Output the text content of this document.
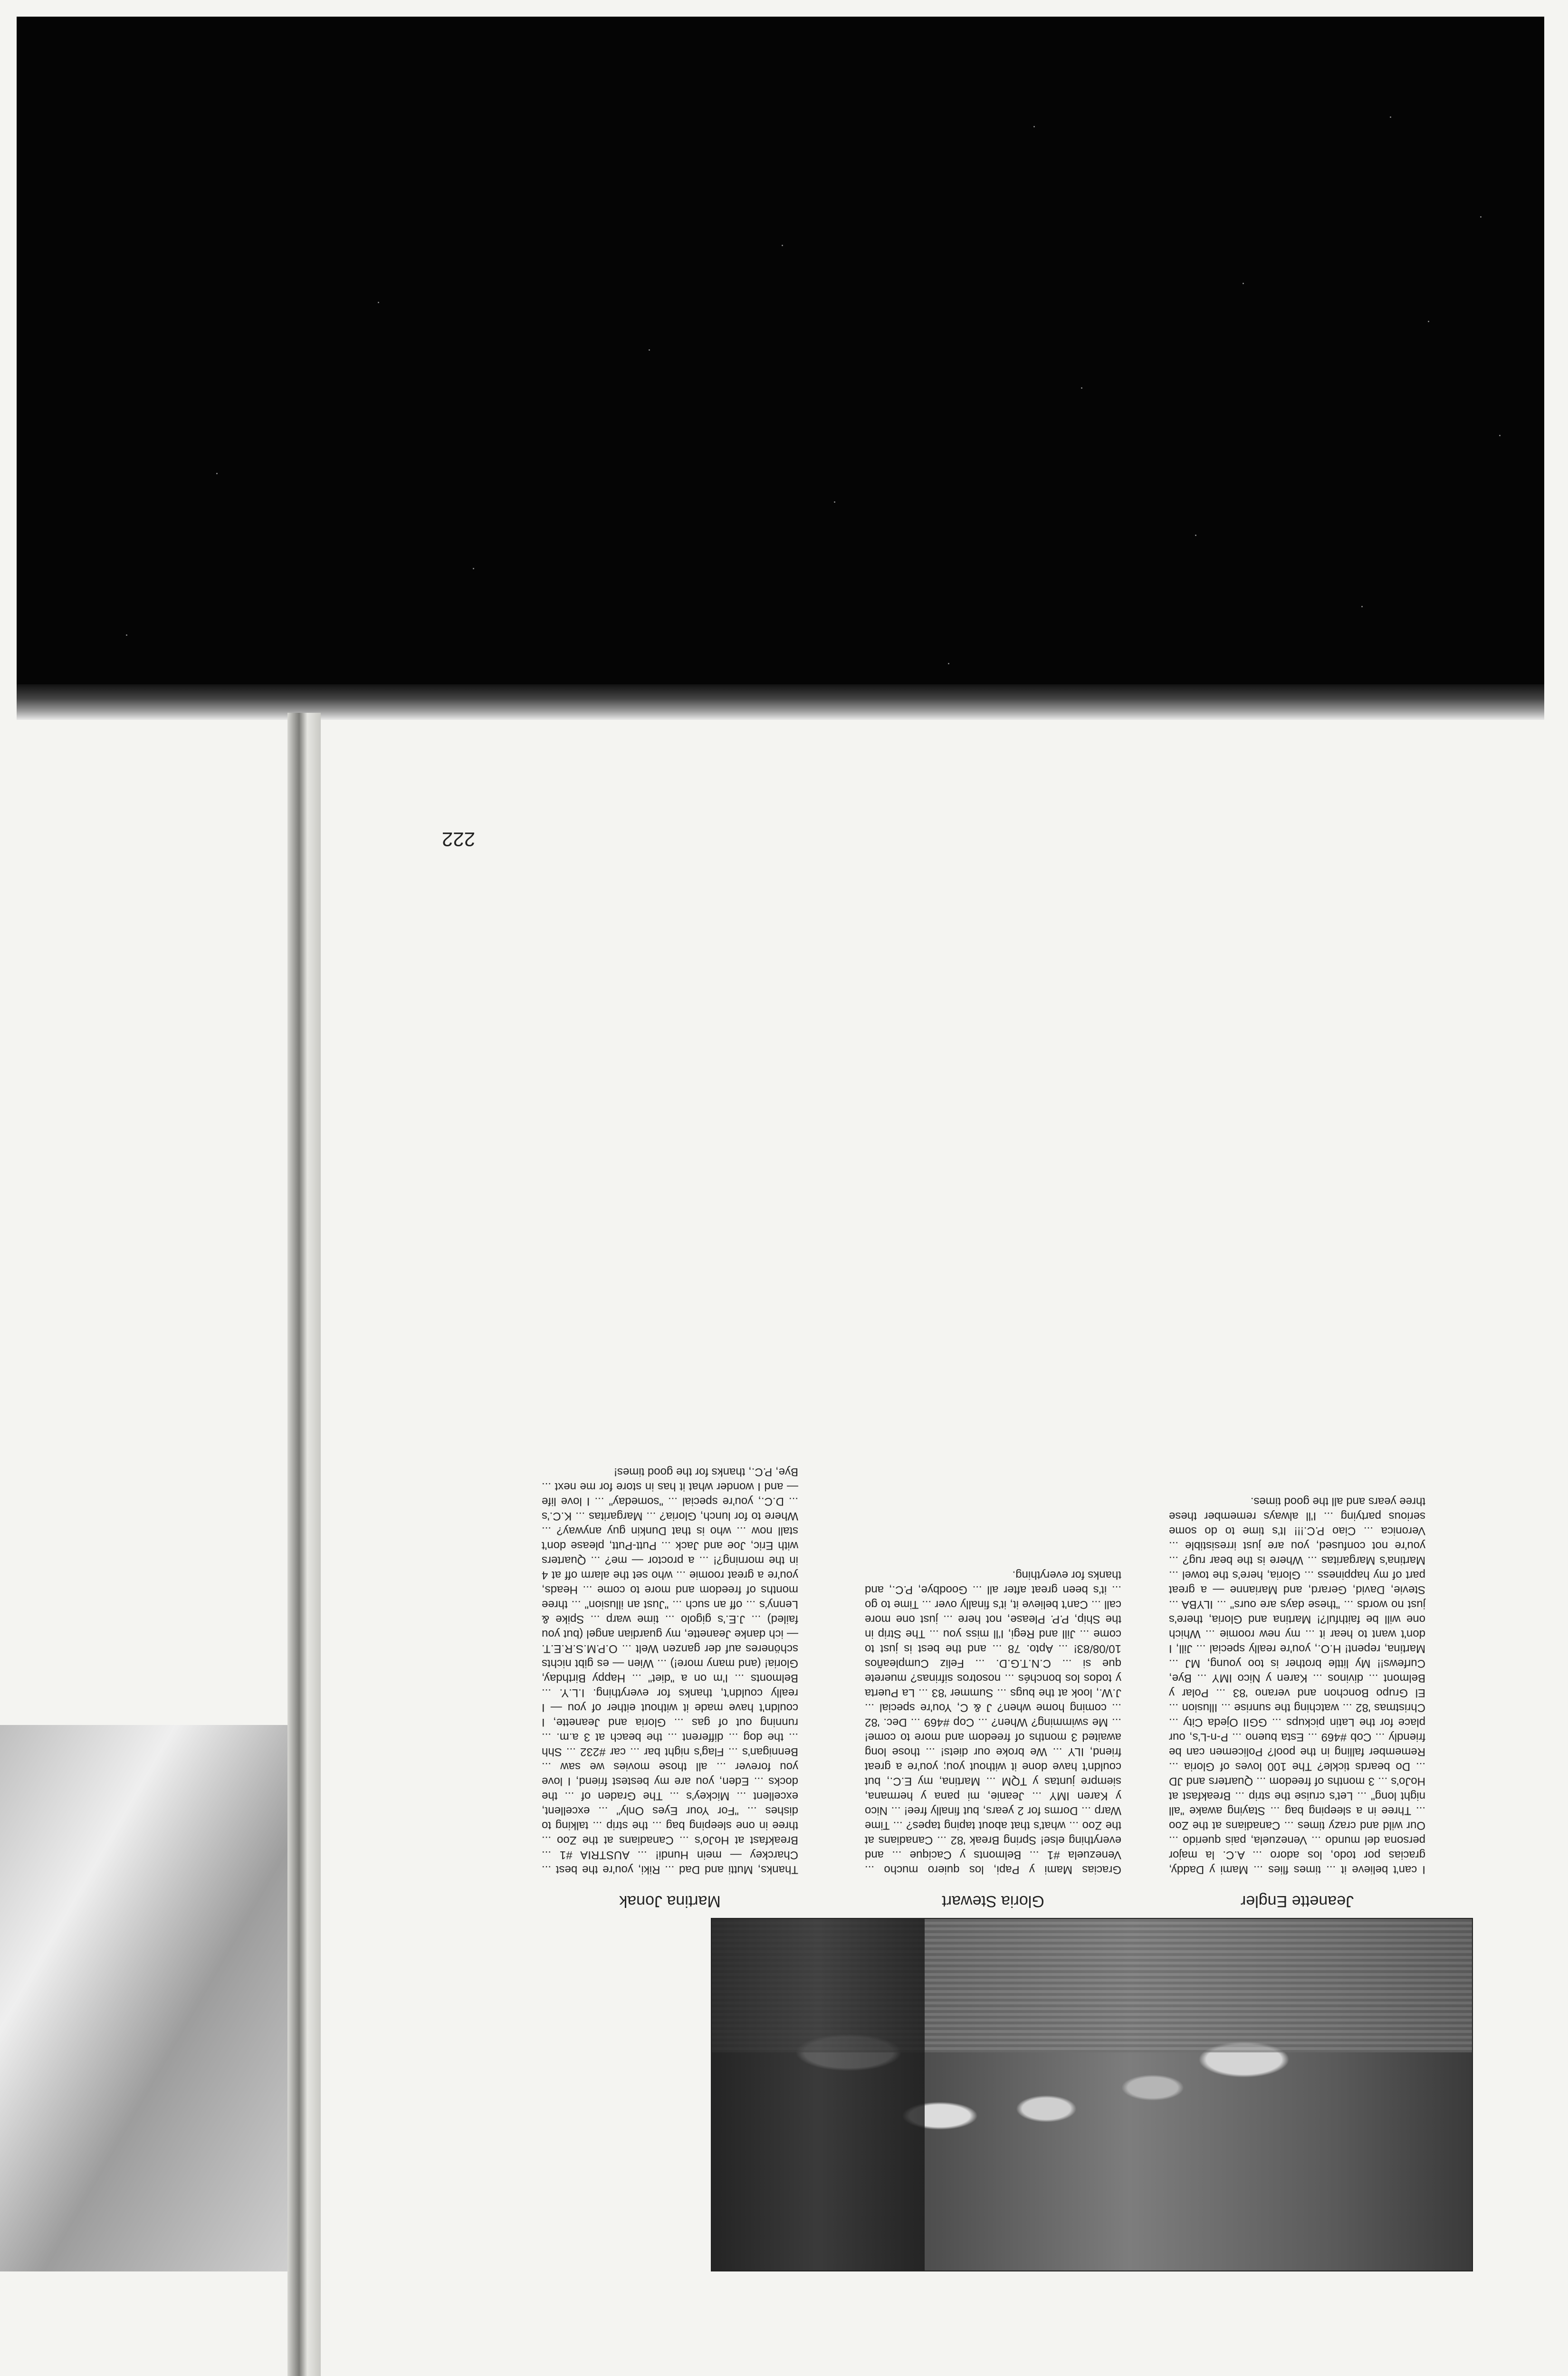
Jeanette Engler
Gloria Stewart
Martina Jonak
I can't believe it ... times flies ... Mami y Daddy, gracias por todo, los adoro ... A.C. la major persona del mundo ... Venezuela, pais querido ... Our wild and crazy times ... Canadians at the Zoo ... Three in a sleeping bag ... Staying awake "all night long" ... Let's cruise the strip ... Breakfast at HoJo's ... 3 months of freedom ... Quarters and JD ... Do beards tickle? The 100 loves of Gloria ... Remember falling in the pool? Policemen can be friendly ... Cob #469 ... Esta bueno ... P-n-L's, our place for the Latin pickups ... GGII Ojeda City ... Christmas '82 ... watching the sunrise ... Illusion ... El Grupo Bonchon and verano '83 ... Polar y Belmont ... divinos ... Karen y Nico IMY ... Bye, Curfews!! My little brother is too young, MJ ... Martina, repent! H.O., you're really special ... Jill, I don't want to hear it ... my new roomie ... Which one will be faithful?! Martina and Gloria, there's just no words ... "these days are ours" ... ILYBA ... Stevie, David, Gerard, and Marianne — a great part of my happiness ... Gloria, here's the towel ... Martina's Margaritas ... Where is the bear rug? ... you're not confused, you are just irresistible ... Veronica ... Ciao P.C.!!! It's time to do some serious partying ... I'll always remember these three years and all the good times.
Gracias Mami y Papi, los quiero mucho ... Venezuela #1 ... Belmonts y Cacique ... and everything else! Spring Break '82 ... Canadians at the Zoo ... what's that about taping tapes? ... Time Warp ... Dorms for 2 years, but finally free! ... Nico y Karen IMY ... Jeanie, mi pana y hermana, siempre juntas y TQM ... Martina, my E.C., but couldn't have done it without you; you're a great friend, ILY ... We broke our diets! ... those long awaited 3 months of freedom and more to come! ... Me swimming? When? ... Cop #469 ... Dec. '82 ... coming home when? J & C, You're special ... J.W., look at the bugs ... Summer '83 ... La Puerta y todos los bonchés ... nosotros sifrinas? muerete que si ... C.N.T.G.D. ... Feliz Cumpleaños 10/08/83! ... Apto. 78 ... and the best is just to come ... Jill and Regi, I'll miss you ... The Strip in the Ship, P.P. Please, not here ... just one more call ... Can't believe it, it's finally over ... Time to go ... it's been great after all ... Goodbye, P.C., and thanks for everything.
Thanks, Mutti and Dad ... Riki, you're the best ... Charckey — mein Hundi! ... AUSTRIA #1 ... Breakfast at HoJo's ... Canadians at the Zoo ... three in one sleeping bag ... the strip ... talking to dishes ... "For Your Eyes Only" ... excellent, excellent ... Mickey's ... The Graden of ... the docks ... Eden, you are my bestest friend, I love you forever ... all those movies we saw ... Bennigan's ... Flag's night bar ... car #232 ... Shh ... the dog ... different ... the beach at 3 a.m. ... running out of gas ... Gloria and Jeanette, I couldn't have made it without either of you — I really couldn't, thanks for everything. I.L.Y. ... Belmonts ... I'm on a "diet" ... Happy Birthday, Gloria! (and many more!) ... Wien — es gibt nichts schöneres auf der ganzen Welt ... O.P.M.S.R.E.T. — ich danke Jeanette, my guardian angel (but you failed) ... J.E.'s gigolo ... time warp ... Spike & Lenny's ... off an such ... "Just an illusion" ... three months of freedom and more to come ... Heads, you're a great roomie ... who set the alarm off at 4 in the morning?! ... a proctor — me? ... Quarters with Eric, Joe and Jack ... Putt-Putt, please don't stall now ... who is that Dunkin guy anyway? ... Where to for lunch, Gloria? ... Margaritas ... K.C.'s ... D.C., you're special ... "someday" ... I love life — and I wonder what it has in store for me next ... Bye, P.C., thanks for the good times!
222
